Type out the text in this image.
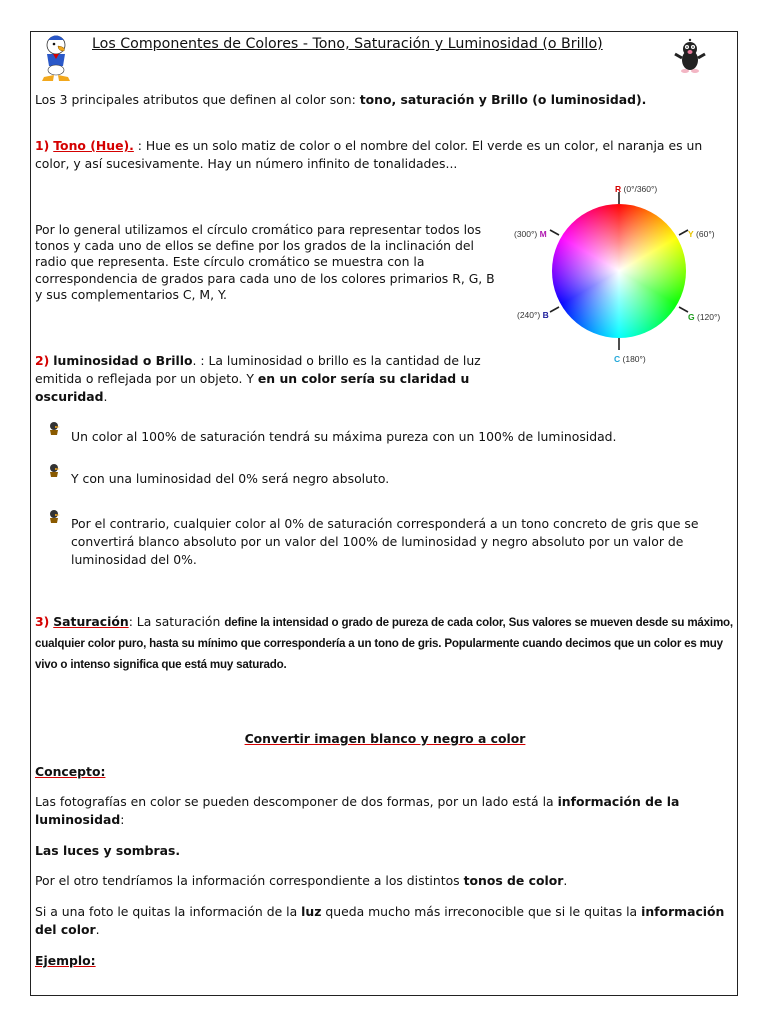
Los Componentes de Colores - Tono, Saturación y Luminosidad (o Brillo)
Los 3 principales atributos que definen al color son: tono, saturación y Brillo (o luminosidad).
1) Tono (Hue). : Hue es un solo matiz de color o el nombre del color. El verde es un color, el naranja es un
color, y así sucesivamente. Hay un número infinito de tonalidades...
Por lo general utilizamos el círculo cromático para representar todos los tonos y cada uno de ellos se define por los grados de la inclinación del radio que representa. Este círculo cromático se muestra con la correspondencia de grados para cada uno de los colores primarios R, G, B y sus complementarios C, M, Y.
R (0°/360°)
Y (60°)
G (120°)
C (180°)
(240°) B
(300°) M
2) luminosidad o Brillo. : La luminosidad o brillo es la cantidad de luz emitida o reflejada por un objeto. Y en un color sería su claridad u oscuridad.
Un color al 100% de saturación tendrá su máxima pureza con un 100% de luminosidad.
Y con una luminosidad del 0% será negro absoluto.
Por el contrario, cualquier color al 0% de saturación corresponderá a un tono concreto de gris que se convertirá blanco absoluto por un valor del 100% de luminosidad y negro absoluto por un valor de luminosidad del 0%.
3) Saturación: La saturación define la intensidad o grado de pureza de cada color, Sus valores se mueven desde su máximo, cualquier color puro, hasta su mínimo que correspondería a un tono de gris. Popularmente cuando decimos que un color es muy vivo o intenso significa que está muy saturado.
Convertir imagen blanco y negro a color
Concepto:
Las fotografías en color se pueden descomponer de dos formas, por un lado está la información de la luminosidad:
Las luces y sombras.
Por el otro tendríamos la información correspondiente a los distintos tonos de color.
Si a una foto le quitas la información de la luz queda mucho más irreconocible que si le quitas la información del color.
Ejemplo:
